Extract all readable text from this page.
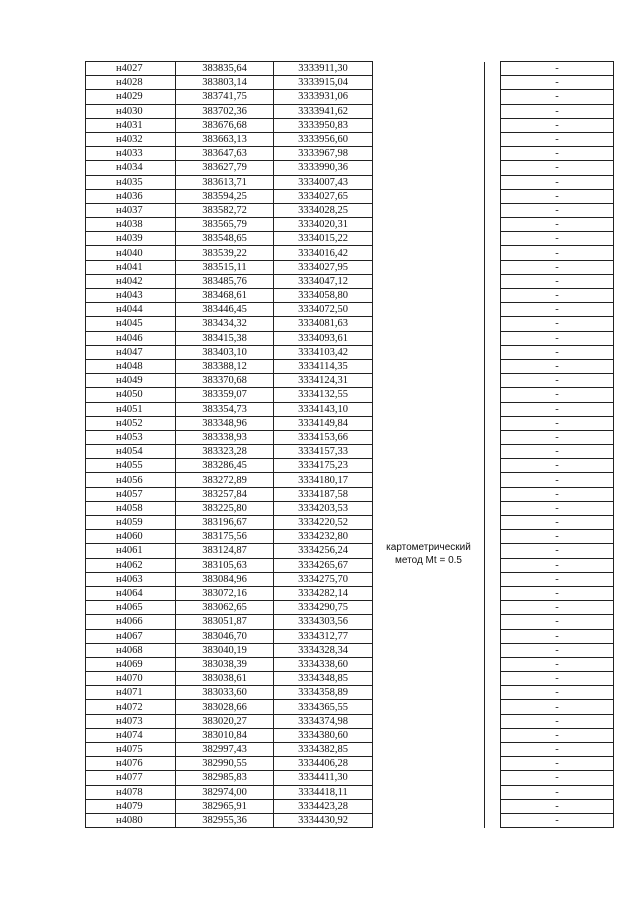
н4027	383835,64	3333911,30			-
н4028	383803,14	3333915,04			-
н4029	383741,75	3333931,06			-
н4030	383702,36	3333941,62			-
н4031	383676,68	3333950,83			-
н4032	383663,13	3333956,60			-
н4033	383647,63	3333967,98			-
н4034	383627,79	3333990,36			-
н4035	383613,71	3334007,43			-
н4036	383594,25	3334027,65			-
н4037	383582,72	3334028,25			-
н4038	383565,79	3334020,31			-
н4039	383548,65	3334015,22			-
н4040	383539,22	3334016,42			-
н4041	383515,11	3334027,95			-
н4042	383485,76	3334047,12			-
н4043	383468,61	3334058,80			-
н4044	383446,45	3334072,50			-
н4045	383434,32	3334081,63			-
н4046	383415,38	3334093,61			-
н4047	383403,10	3334103,42			-
н4048	383388,12	3334114,35			-
н4049	383370,68	3334124,31			-
н4050	383359,07	3334132,55			-
н4051	383354,73	3334143,10			-
н4052	383348,96	3334149,84			-
н4053	383338,93	3334153,66			-
н4054	383323,28	3334157,33			-
н4055	383286,45	3334175,23			-
н4056	383272,89	3334180,17			-
н4057	383257,84	3334187,58			-
н4058	383225,80	3334203,53			-
н4059	383196,67	3334220,52			-
н4060	383175,56	3334232,80			-
н4061	383124,87	3334256,24			-
н4062	383105,63	3334265,67			-
н4063	383084,96	3334275,70			-
н4064	383072,16	3334282,14			-
н4065	383062,65	3334290,75			-
н4066	383051,87	3334303,56			-
н4067	383046,70	3334312,77			-
н4068	383040,19	3334328,34			-
н4069	383038,39	3334338,60			-
н4070	383038,61	3334348,85			-
н4071	383033,60	3334358,89			-
н4072	383028,66	3334365,55			-
н4073	383020,27	3334374,98			-
н4074	383010,84	3334380,60			-
н4075	382997,43	3334382,85			-
н4076	382990,55	3334406,28			-
н4077	382985,83	3334411,30			-
н4078	382974,00	3334418,11			-
н4079	382965,91	3334423,28			-
н4080	382955,36	3334430,92			-
картометрический
метод Mt = 0.5
